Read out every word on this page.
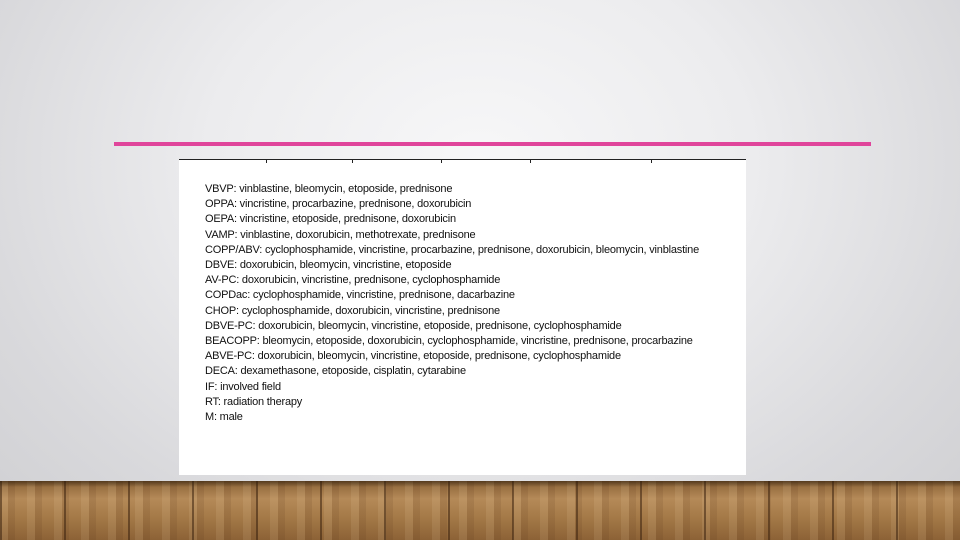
VBVP: vinblastine, bleomycin, etoposide, prednisone
OPPA: vincristine, procarbazine, prednisone, doxorubicin
OEPA: vincristine, etoposide, prednisone, doxorubicin
VAMP: vinblastine, doxorubicin, methotrexate, prednisone
COPP/ABV: cyclophosphamide, vincristine, procarbazine, prednisone, doxorubicin, bleomycin, vinblastine
DBVE: doxorubicin, bleomycin, vincristine, etoposide
AV-PC: doxorubicin, vincristine, prednisone, cyclophosphamide
COPDac: cyclophosphamide, vincristine, prednisone, dacarbazine
CHOP: cyclophosphamide, doxorubicin, vincristine, prednisone
DBVE-PC: doxorubicin, bleomycin, vincristine, etoposide, prednisone, cyclophosphamide
BEACOPP: bleomycin, etoposide, doxorubicin, cyclophosphamide, vincristine, prednisone, procarbazine
ABVE-PC: doxorubicin, bleomycin, vincristine, etoposide, prednisone, cyclophosphamide
DECA: dexamethasone, etoposide, cisplatin, cytarabine
IF: involved field
RT: radiation therapy
M: male
